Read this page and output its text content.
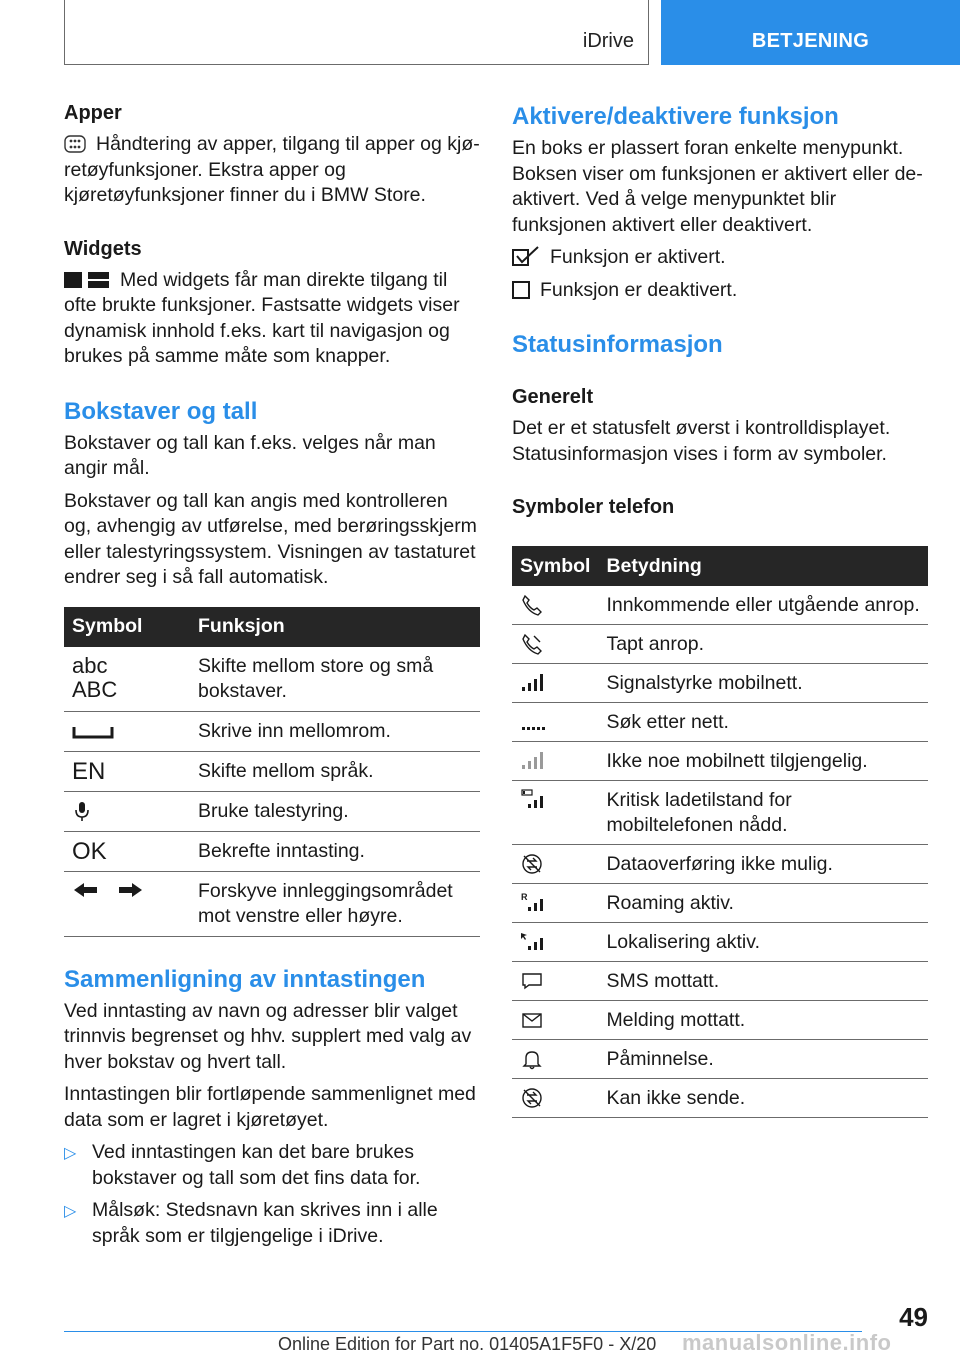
iDrive	BETJENING
Apper

Håndtering av apper, tilgang til apper og kjøretøyfunksjoner. Ekstra apper og kjøretøyfunksjoner finner du i BMW Store.

Widgets

Med widgets får man direkte tilgang til ofte brukte funksjoner. Fastsatte widgets viser dynamisk innhold f.eks. kart til navigasjon og brukes på samme måte som knapper.

Bokstaver og tall

Bokstaver og tall kan f.eks. velges når man angir mål.

Bokstaver og tall kan angis med kontrolleren og, avhengig av utførelse, med berøringsskjerm eller talestyringssystem. Visningen av tastaturet endrer seg i så fall automatisk.

Symbol	Funksjon

abc
ABC	Skifte mellom store og små bokstaver.

	Skrive inn mellomrom.

EN	Skifte mellom språk.

	Bruke talestyring.

OK	Bekrefte inntasting.

	Forskyve innleggingsområdet mot venstre eller høyre.
Sammenligning av inntastingen

Ved inntasting av navn og adresser blir valget trinnvis begrenset og hhv. supplert med valg av hver bokstav og hvert tall.

Inntastingen blir fortløpende sammenlignet med data som er lagret i kjøretøyet.

▷ Ved inntastingen kan det bare brukes bokstaver og tall som det fins data for.
▷ Målsøk: Stedsnavn kan skrives inn i alle språk som er tilgjengelige i iDrive.
Aktivere/deaktivere funksjon

En boks er plassert foran enkelte menypunkt. Boksen viser om funksjonen er aktivert eller deaktivert. Ved å velge menypunktet blir funksjonen aktivert eller deaktivert.

Funksjon er aktivert.

Funksjon er deaktivert.

Statusinformasjon
Generelt

Det er et statusfelt øverst i kontrolldisplayet. Statusinformasjon vises i form av symboler.

Symboler telefon
Symbol	Betydning

	Innkommende eller utgående anrop.

	Tapt anrop.

	Signalstyrke mobilnett.

	Søk etter nett.

	Ikke noe mobilnett tilgjengelig.

	Kritisk ladetilstand for mobiltelefonen nådd.

	Dataoverføring ikke mulig.

R	Roaming aktiv.

	Lokalisering aktiv.

	SMS mottatt.

	Melding mottatt.

	Påminnelse.

	Kan ikke sende.
49
Online Edition for Part no. 01405A1F5F0 - X/20 manualsonline.info
